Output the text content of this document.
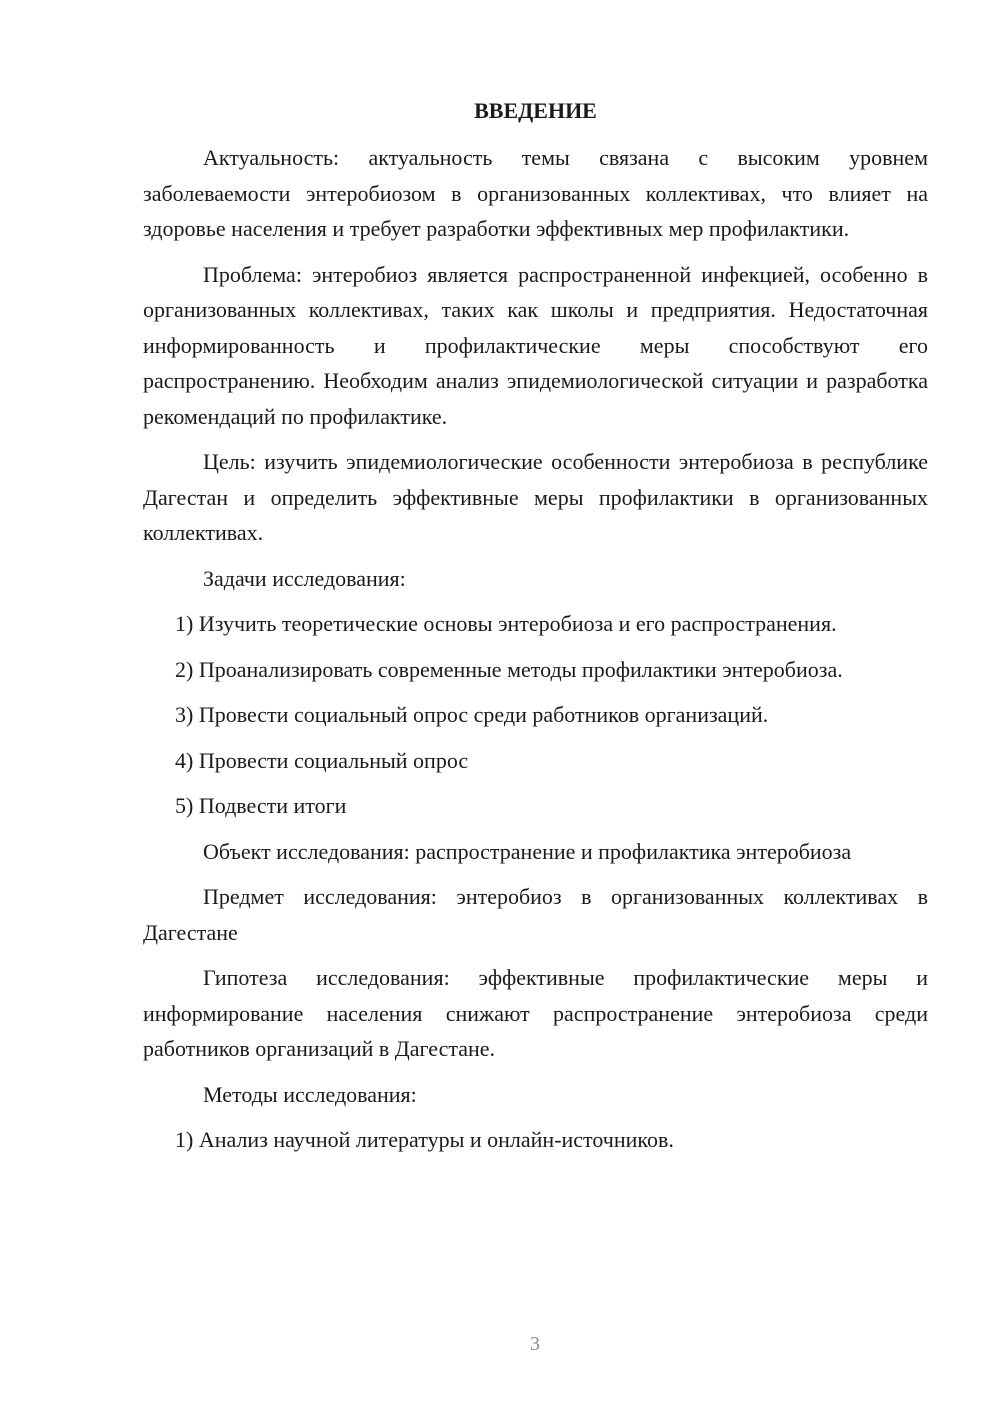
ВВЕДЕНИЕ

Актуальность: актуальность темы связана с высоким уровнем заболеваемости энтеробиозом в организованных коллективах, что влияет на здоровье населения и требует разработки эффективных мер профилактики.

Проблема: энтеробиоз является распространенной инфекцией, особенно в организованных коллективах, таких как школы и предприятия. Недостаточная информированность и профилактические меры способствуют его распространению. Необходим анализ эпидемиологической ситуации и разработка рекомендаций по профилактике.

Цель: изучить эпидемиологические особенности энтеробиоза в республике Дагестан и определить эффективные меры профилактики в организованных коллективах.

Задачи исследования:

1) Изучить теоретические основы энтеробиоза и его распространения.

2) Проанализировать современные методы профилактики энтеробиоза.

3) Провести социальный опрос среди работников организаций.

4) Провести социальный опрос

5) Подвести итоги

Объект исследования: распространение и профилактика энтеробиоза

Предмет исследования: энтеробиоз в организованных коллективах в Дагестане

Гипотеза исследования: эффективные профилактические меры и информирование населения снижают распространение энтеробиоза среди работников организаций в Дагестане.

Методы исследования:

1) Анализ научной литературы и онлайн-источников.

3
